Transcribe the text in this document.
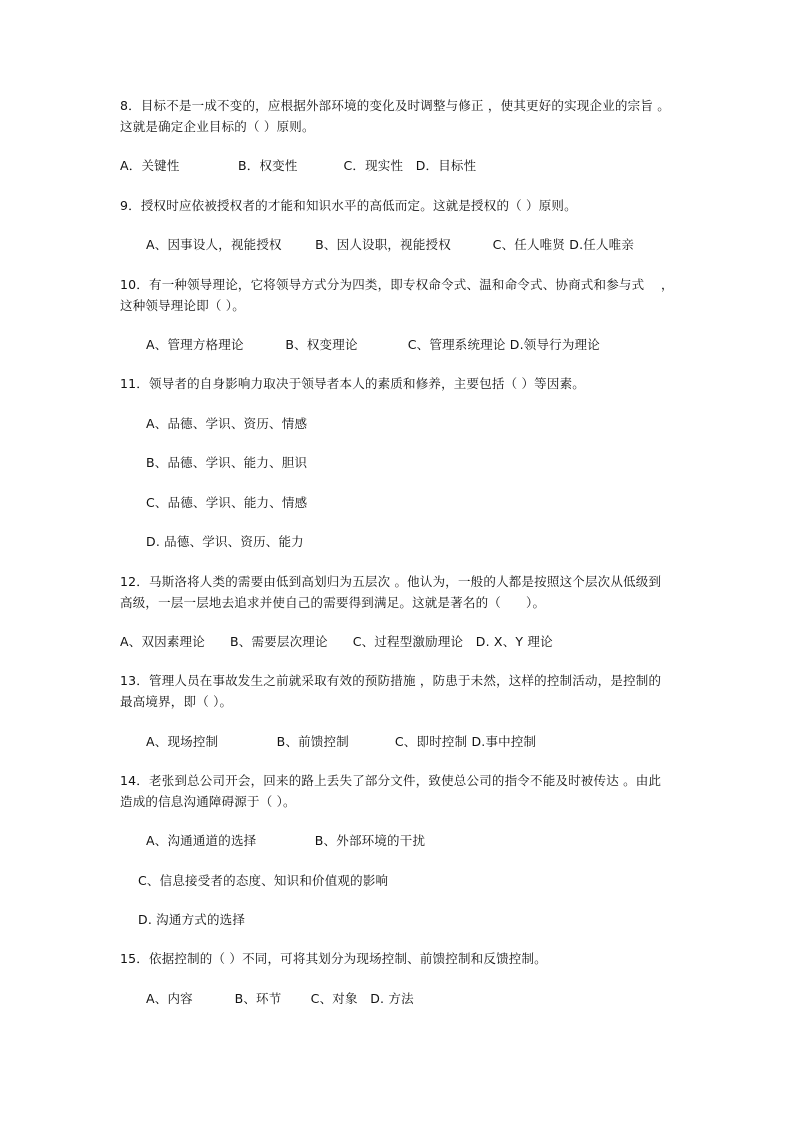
8．目标不是一成不变的，应根据外部环境的变化及时调整与修正 ，使其更好的实现企业的宗旨 。
这就是确定企业目标的（ ）原则。
A．关键性              B．权变性           C．现实性   D．目标性
9．授权时应依被授权者的才能和知识水平的高低而定。这就是授权的（ ）原则。
A、因事设人，视能授权        B、因人设职，视能授权          C、任人唯贤 D.任人唯亲
10．有一种领导理论，它将领导方式分为四类，即专权命令式、温和命令式、协商式和参与式    ，
这种领导理论即（ ）。
A、管理方格理论          B、权变理论            C、管理系统理论 D.领导行为理论
11．领导者的自身影响力取决于领导者本人的素质和修养，主要包括（ ）等因素。
A、品德、学识、资历、情感
B、品德、学识、能力、胆识
C、品德、学识、能力、情感
D. 品德、学识、资历、能力
12．马斯洛将人类的需要由低到高划归为五层次 。他认为，一般的人都是按照这个层次从低级到
高级，一层一层地去追求并使自己的需要得到满足。这就是著名的（      ）。
A、双因素理论      B、需要层次理论      C、过程型激励理论   D. X、Y 理论
13．管理人员在事故发生之前就采取有效的预防措施 ，防患于未然，这样的控制活动，是控制的
最高境界，即（ ）。
A、现场控制              B、前馈控制           C、即时控制 D.事中控制
14．老张到总公司开会，回来的路上丢失了部分文件，致使总公司的指令不能及时被传达 。由此
造成的信息沟通障碍源于（ ）。
A、沟通通道的选择              B、外部环境的干扰
C、信息接受者的态度、知识和价值观的影响
D. 沟通方式的选择
15．依据控制的（ ）不同，可将其划分为现场控制、前馈控制和反馈控制。
A、内容          B、环节       C、对象   D. 方法
